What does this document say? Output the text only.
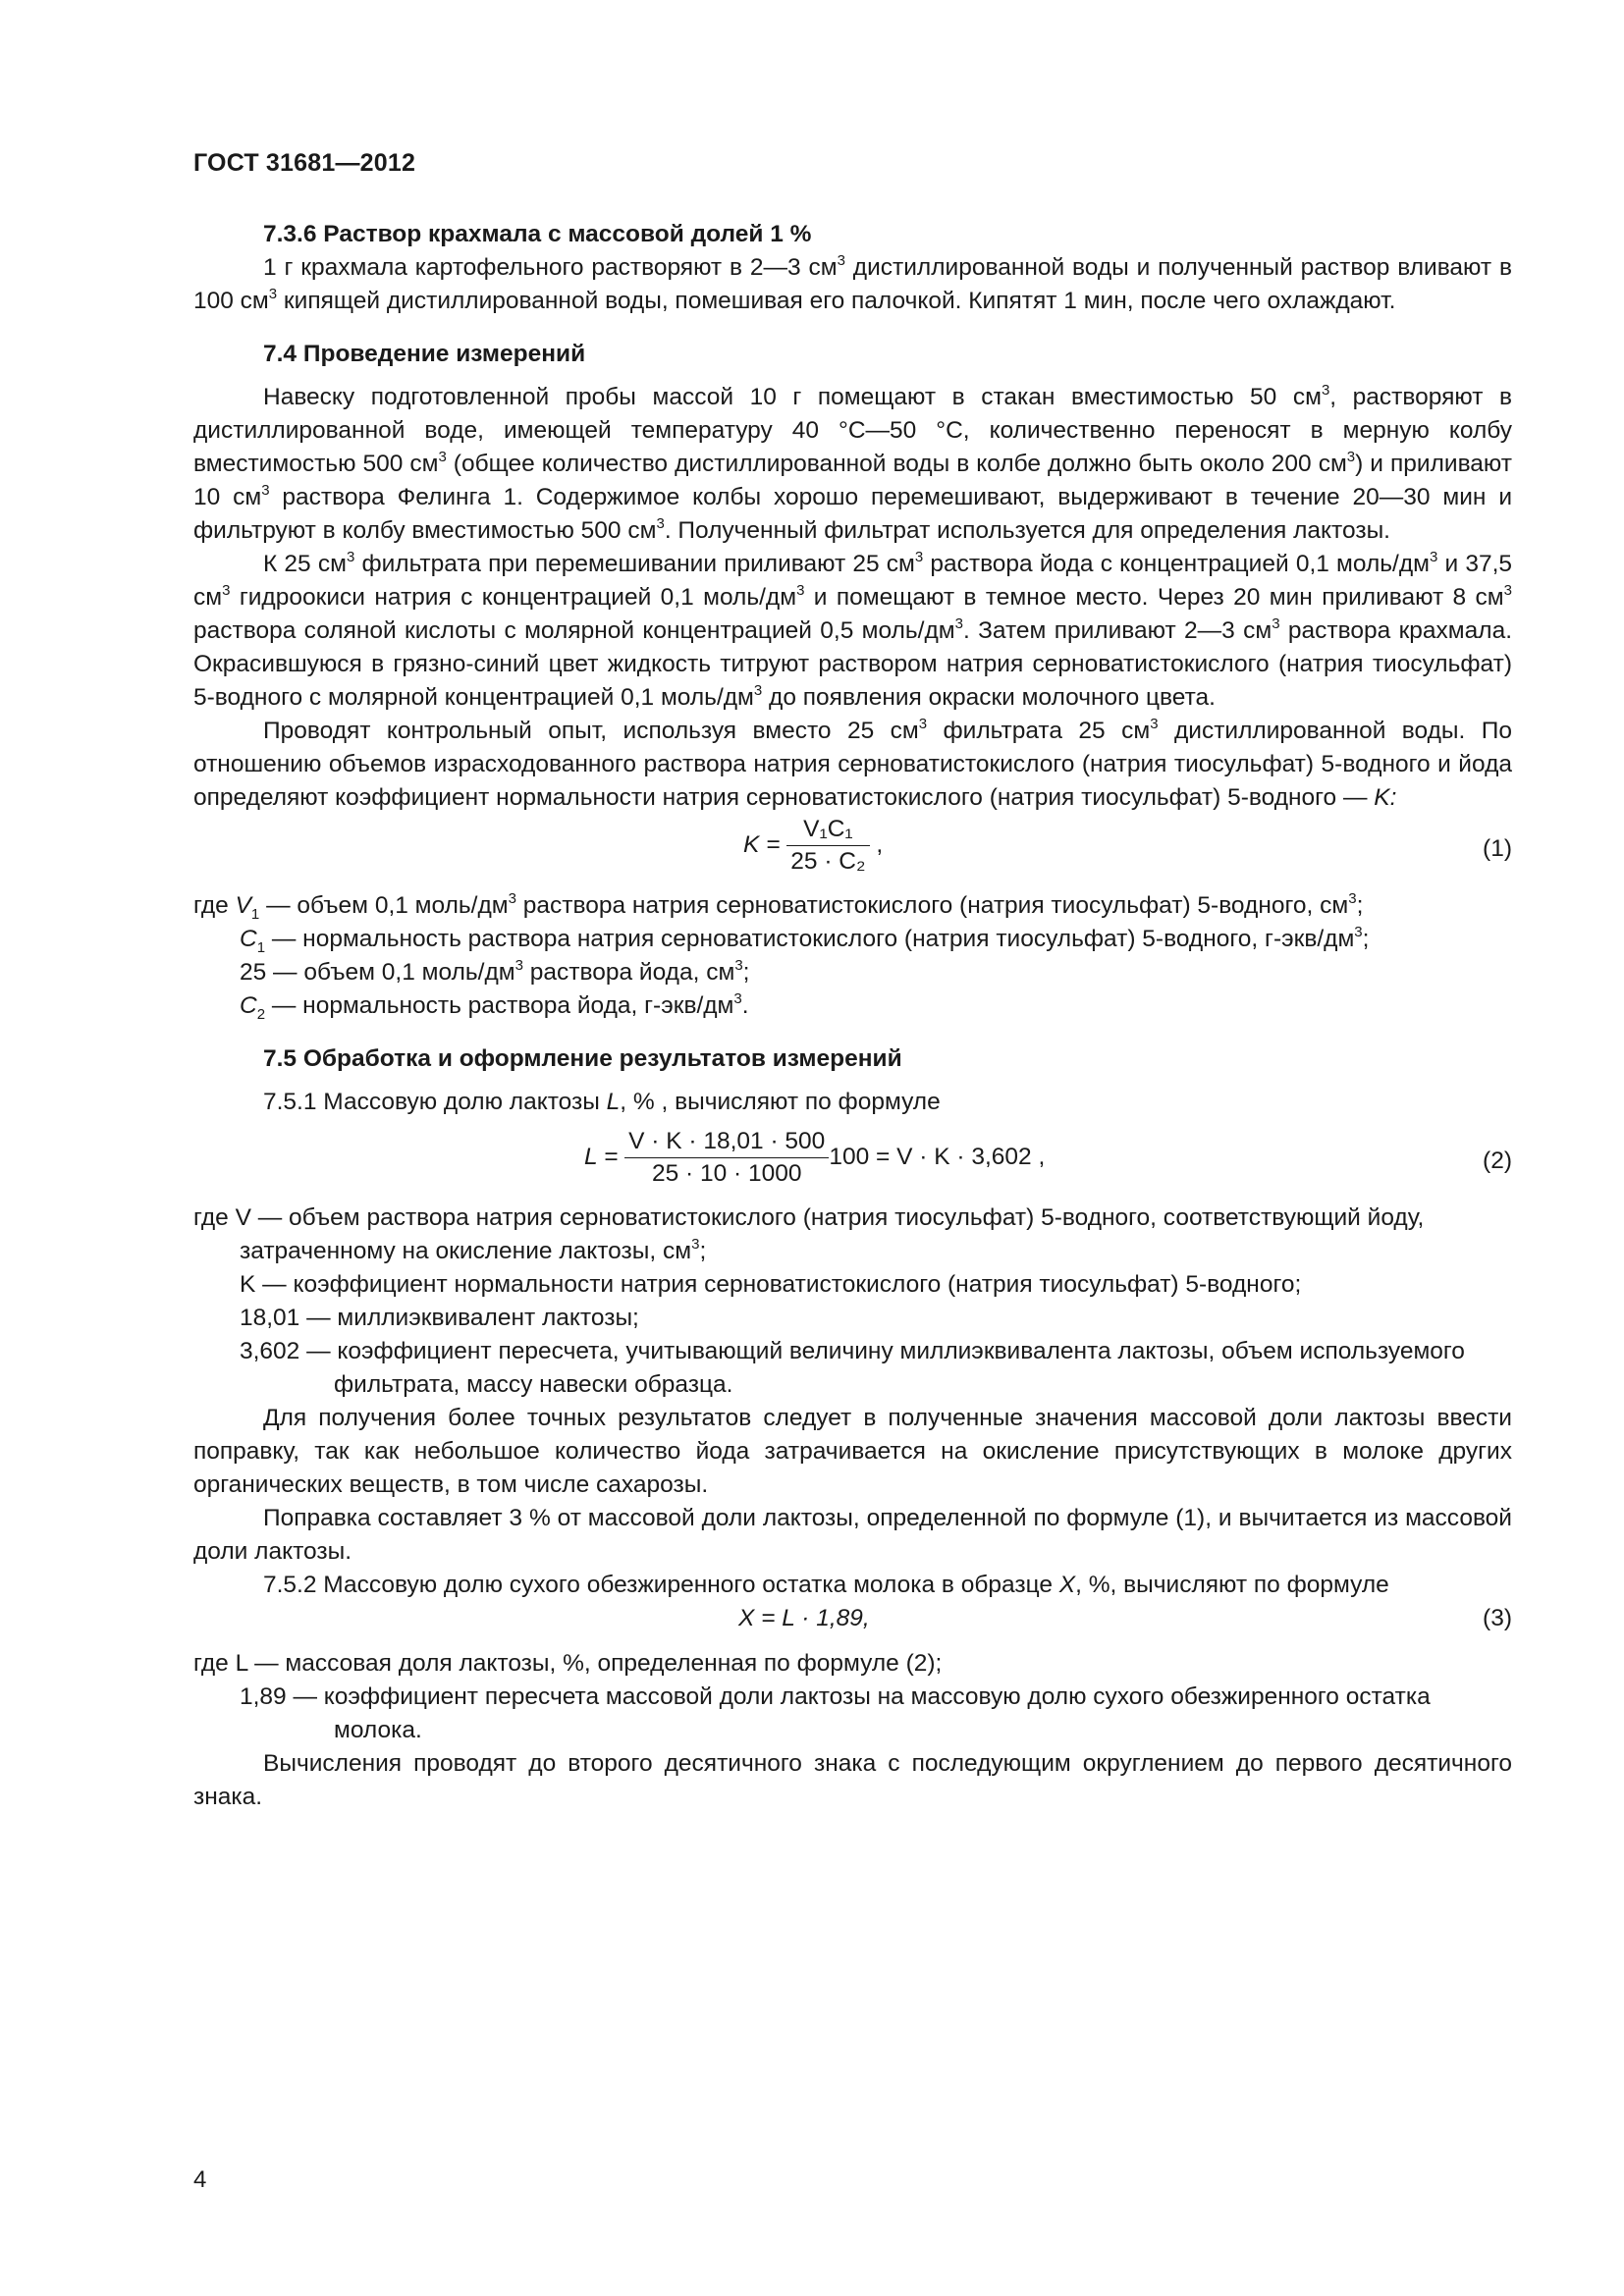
ГОСТ 31681—2012
7.3.6 Раствор крахмала с массовой долей 1 %

1 г крахмала картофельного растворяют в 2—3 $см^3$ дистиллированной воды и полученный раствор вливают в 100 $см^3$ кипящей дистиллированной воды, помешивая его палочкой. Кипятят 1 мин, после чего охлаждают.

7.4 Проведение измерений

Навеску подготовленной пробы массой 10 г помещают в стакан вместимостью 50 $см^3$, растворяют в дистиллированной воде, имеющей температуру 40 °С—50 °С, количественно переносят в мерную колбу вместимостью 500 $см^3$ (общее количество дистиллированной воды в колбе должно быть около 200 $см^3$) и приливают 10 $см^3$ раствора Фелинга 1. Содержимое колбы хорошо перемешивают, выдерживают в течение 20—30 мин и фильтруют в колбу вместимостью 500 $см^3$. Полученный фильтрат используется для определения лактозы.

К 25 $см^3$ фильтрата при перемешивании приливают 25 $см^3$ раствора йода с концентрацией 0,1 моль/$дм^3$ и 37,5 $см^3$ гидроокиси натрия с концентрацией 0,1 моль/$дм^3$ и помещают в темное место. Через 20 мин приливают 8 $см^3$ раствора соляной кислоты с молярной концентрацией 0,5 моль/$дм^3$. Затем приливают 2—3 $см^3$ раствора крахмала. Окрасившуюся в грязно-синий цвет жидкость титруют раствором натрия серноватистокислого (натрия тиосульфат) 5-водного с молярной концентрацией 0,1 моль/$дм^3$ до появления окраски молочного цвета.

Проводят контрольный опыт, используя вместо 25 $см^3$ фильтрата 25 $см^3$ дистиллированной воды. По отношению объемов израсходованного раствора натрия серноватистокислого (натрия тиосульфат) 5-водного и йода определяют коэффициент нормальности натрия серноватистокислого (натрия тиосульфат) 5-водного — K:

$K = \frac{\text{V₁C₁}}{\text{25 · C₂}}$ ,	(1)
где $V_1$ — объем 0,1 моль/$дм^3$ раствора натрия серноватистокислого (натрия тиосульфат) 5-водного, $см^3$;
$C_1$ — нормальность раствора натрия серноватистокислого (натрия тиосульфат) 5-водного, $г-экв/дм^3$;
25 — объем 0,1 моль/$дм^3$ раствора йода, $см^3$;
$C_2$ — нормальность раствора йода, $г-экв/дм^3$.
7.5 Обработка и оформление результатов измерений

7.5.1 Массовую долю лактозы L, % , вычисляют по формуле

$L = \frac{V \cdot K \cdot 18,01 \cdot 500}{25 \cdot 10 \cdot 1000} 100 = V \cdot K \cdot 3,602$ ,	(2)
где V — объем раствора натрия серноватистокислого (натрия тиосульфат) 5-водного, соответствующий йоду, затраченному на окисление лактозы, $см^3$;
K — коэффициент нормальности натрия серноватистокислого (натрия тиосульфат) 5-водного;
18,01 — миллиэквивалент лактозы;
3,602 — коэффициент пересчета, учитывающий величину миллиэквивалента лактозы, объем используемого фильтрата, массу навески образца.

Для получения более точных результатов следует в полученные значения массовой доли лактозы ввести поправку, так как небольшое количество йода затрачивается на окисление присутствующих в молоке других органических веществ, в том числе сахарозы.

Поправка составляет 3 % от массовой доли лактозы, определенной по формуле (1), и вычитается из массовой доли лактозы.

7.5.2 Массовую долю сухого обезжиренного остатка молока в образце X, %, вычисляют по формуле

X = L · 1,89,	(3)
где L — массовая доля лактозы, %, определенная по формуле (2);
1,89 — коэффициент пересчета массовой доли лактозы на массовую долю сухого обезжиренного остатка молока.

Вычисления проводят до второго десятичного знака с последующим округлением до первого десятичного знака.

4
